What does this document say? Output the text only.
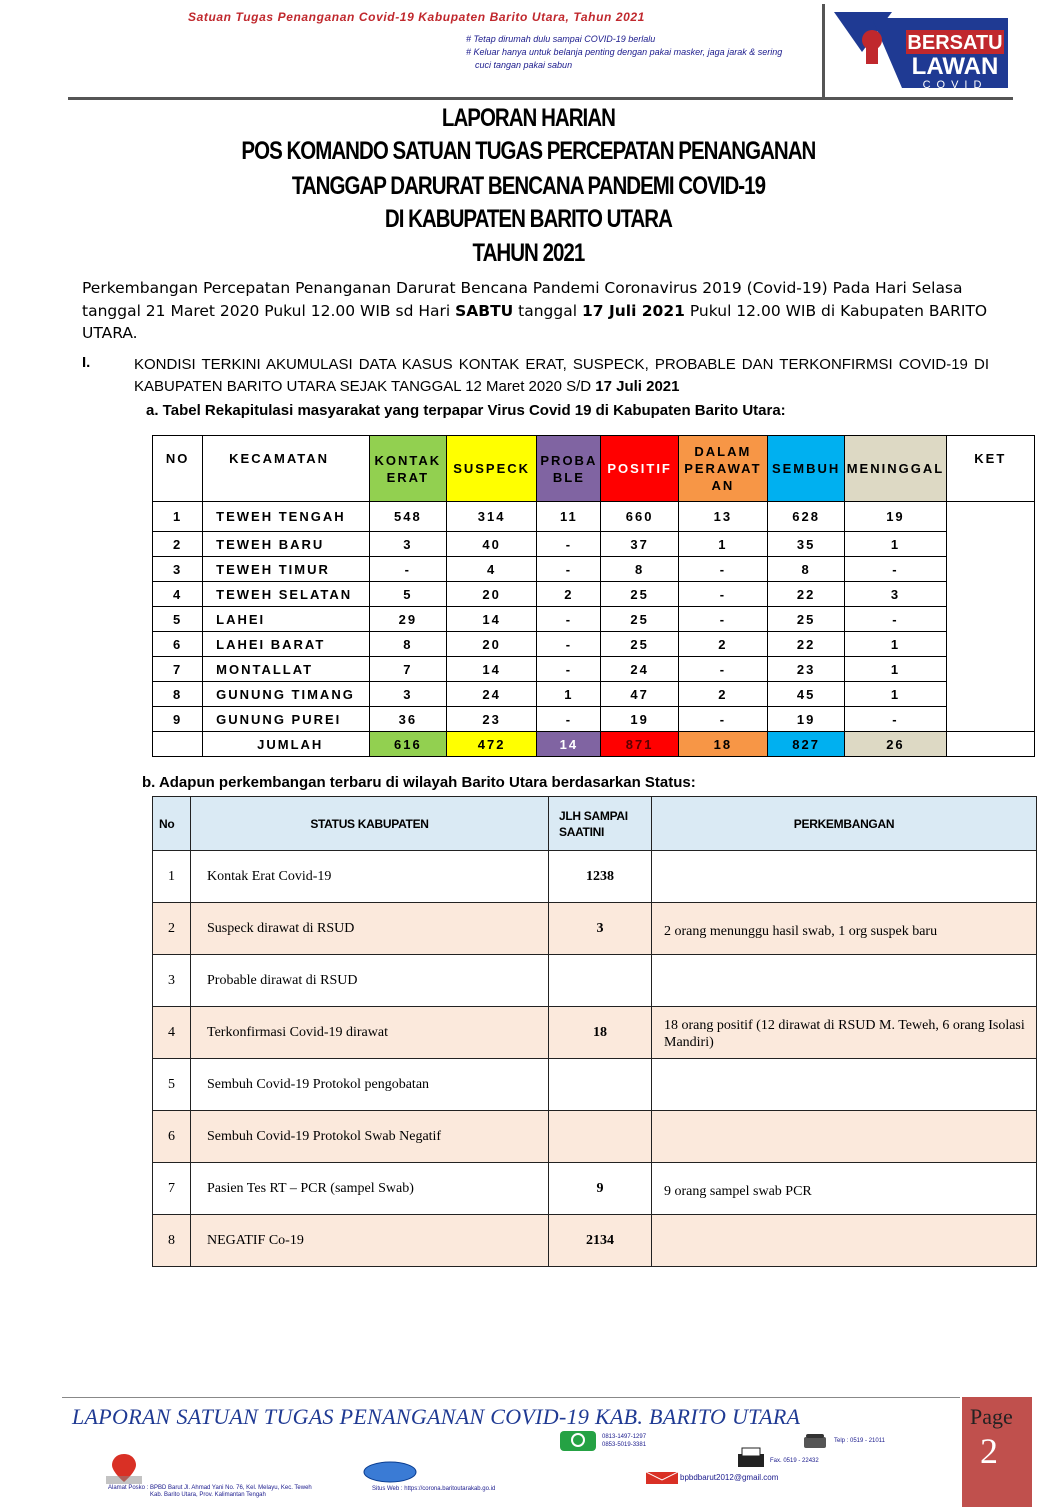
Satuan Tugas Penanganan Covid-19 Kabupaten Barito Utara, Tahun 2021
# Tetap dirumah dulu sampai COVID-19 berlalu
# Keluar hanya untuk belanja penting dengan pakai masker, jaga jarak & sering
cuci tangan pakai sabun
BERSATU
LAWAN
COVID
LAPORAN HARIAN
POS KOMANDO SATUAN TUGAS PERCEPATAN PENANGANAN
TANGGAP DARURAT BENCANA PANDEMI COVID-19
DI KABUPATEN BARITO UTARA
TAHUN 2021
Perkembangan Percepatan Penanganan Darurat Bencana Pandemi Coronavirus 2019 (Covid-19) Pada Hari Selasa tanggal 21 Maret 2020 Pukul 12.00 WIB sd Hari SABTU tanggal 17 Juli 2021 Pukul 12.00 WIB di Kabupaten BARITO UTARA.
I.	KONDISI TERKINI AKUMULASI DATA KASUS KONTAK ERAT, SUSPECK, PROBABLE DAN TERKONFIRMSI COVID-19 DI KABUPATEN BARITO UTARA SEJAK TANGGAL 12 Maret 2020 S/D 17 Juli 2021
a. Tabel Rekapitulasi masyarakat yang terpapar Virus Covid 19 di Kabupaten Barito Utara:
NO	KECAMATAN	KONTAK ERAT	SUSPECK	PROBA BLE	POSITIF	DALAM PERAWAT AN	SEMBUH	MENINGGAL	KET
1	TEWEH TENGAH	548	314	11	660	13	628	19	
2	TEWEH BARU	3	40	-	37	1	35	1	
3	TEWEH TIMUR	-	4	-	8	-	8	-	
4	TEWEH SELATAN	5	20	2	25	-	22	3	
5	LAHEI	29	14	-	25	-	25	-	
6	LAHEI BARAT	8	20	-	25	2	22	1	
7	MONTALLAT	7	14	-	24	-	23	1	
8	GUNUNG TIMANG	3	24	1	47	2	45	1	
9	GUNUNG PUREI	36	23	-	19	-	19	-	
	JUMLAH	616	472	14	871	18	827	26	
b. Adapun perkembangan terbaru di wilayah Barito Utara berdasarkan Status:
No	STATUS KABUPATEN	JLH SAMPAI SAATINI	PERKEMBANGAN
1	Kontak Erat Covid-19	1238	
2	Suspeck dirawat di RSUD	3	2 orang menunggu hasil swab, 1 org suspek baru
3	Probable dirawat di RSUD		
4	Terkonfirmasi Covid-19 dirawat	18	18 orang positif (12 dirawat di RSUD M. Teweh, 6 orang Isolasi Mandiri)
5	Sembuh Covid-19 Protokol pengobatan		
6	Sembuh Covid-19 Protokol Swab Negatif		
7	Pasien Tes RT – PCR (sampel Swab)	9	9 orang sampel swab PCR
8	NEGATIF Co-19	2134	
LAPORAN SATUAN TUGAS PENANGANAN COVID-19 KAB. BARITO UTARA	Page
2
0813-1497-1297
0853-5019-3381
Telp : 0519 - 21011
Fax. 0519 - 22432
bpbdbarut2012@gmail.com
Alamat Posko : BPBD Barut Jl. Ahmad Yani No. 76, Kel. Melayu, Kec. Teweh
Kab. Barito Utara, Prov. Kalimantan Tengah
Situs Web : https://corona.baritoutarakab.go.id
